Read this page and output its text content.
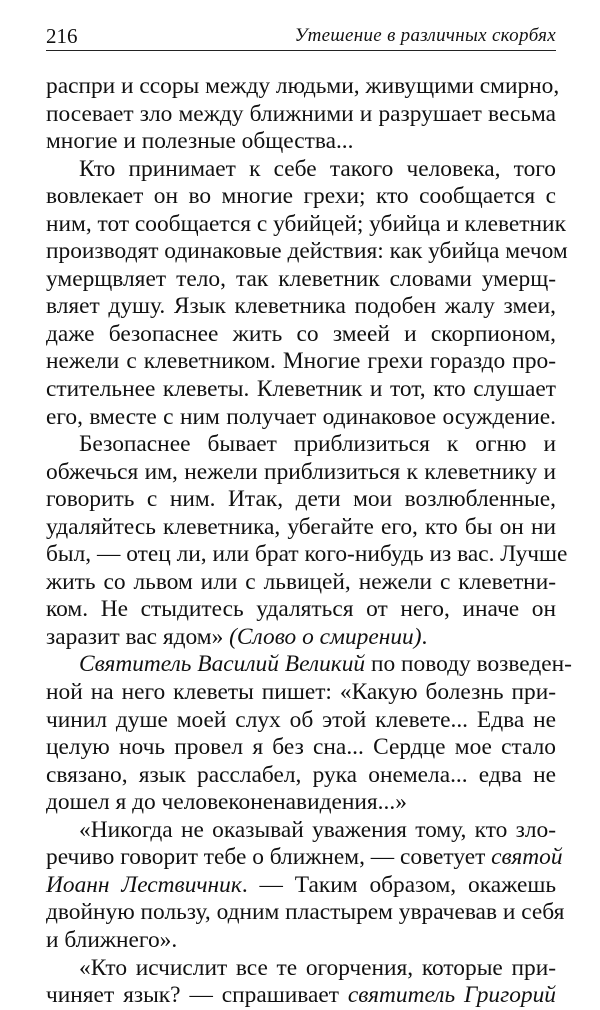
216	Утешение в различных скорбях
распри и ссоры между людьми, живущими смирно,
посевает зло между ближними и разрушает весьма
многие и полезные общества...
Кто принимает к себе такого человека, того
вовлекает он во многие грехи; кто сообщается с
ним, тот сообщается с убийцей; убийца и клеветник
производят одинаковые действия: как убийца мечом
умерщвляет тело, так клеветник словами умерщ-
вляет душу. Язык клеветника подобен жалу змеи,
даже безопаснее жить со змеей и скорпионом,
нежели с клеветником. Многие грехи гораздо про-
стительнее клеветы. Клеветник и тот, кто слушает
его, вместе с ним получает одинаковое осуждение.
Безопаснее бывает приблизиться к огню и
обжечься им, нежели приблизиться к клеветнику и
говорить с ним. Итак, дети мои возлюбленные,
удаляйтесь клеветника, убегайте его, кто бы он ни
был, — отец ли, или брат кого-нибудь из вас. Лучше
жить со львом или с львицей, нежели с клеветни-
ком. Не стыдитесь удаляться от него, иначе он
заразит вас ядом» (Слово о смирении).
Святитель Василий Великий по поводу возведен-
ной на него клеветы пишет: «Какую болезнь при-
чинил душе моей слух об этой клевете... Едва не
целую ночь провел я без сна... Сердце мое стало
связано, язык расслабел, рука онемела... едва не
дошел я до человеконенавидения...»
«Никогда не оказывай уважения тому, кто зло-
речиво говорит тебе о ближнем, — советует святой
Иоанн Лествичник. — Таким образом, окажешь
двойную пользу, одним пластырем уврачевав и себя
и ближнего».
«Кто исчислит все те огорчения, которые при-
чиняет язык? — спрашивает святитель Григорий
